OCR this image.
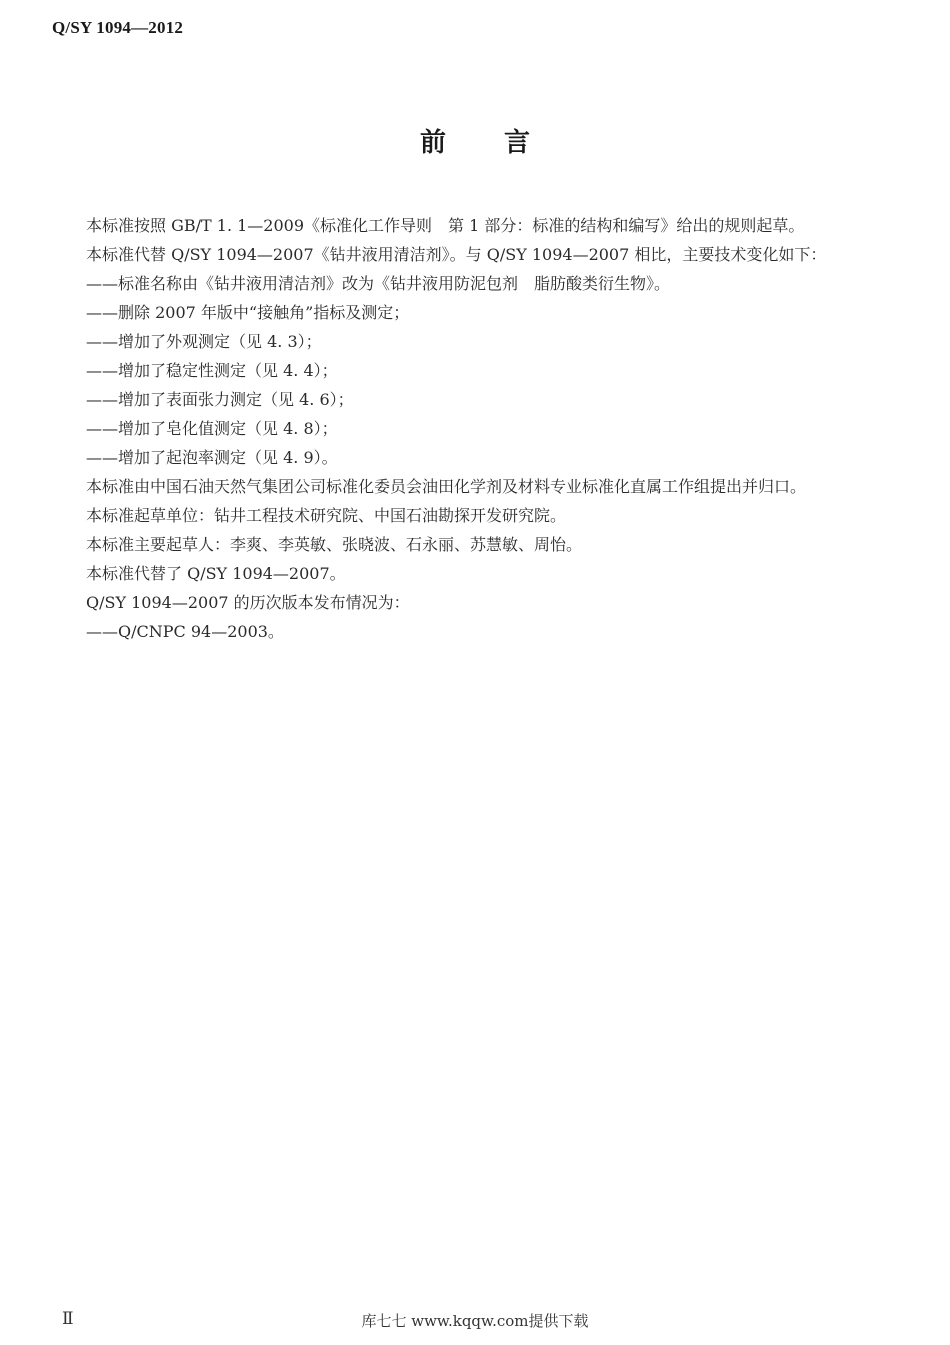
Q/SY 1094—2012
前言

本标准按照 GB/T 1. 1—2009《标准化工作导则　第 1 部分：标准的结构和编写》给出的规则起草。

本标准代替 Q/SY 1094—2007《钻井液用清洁剂》。与 Q/SY 1094—2007 相比，主要技术变化如下：

——标准名称由《钻井液用清洁剂》改为《钻井液用防泥包剂　脂肪酸类衍生物》。

——删除 2007 年版中“接触角”指标及测定；

——增加了外观测定（见 4. 3）；

——增加了稳定性测定（见 4. 4）；

——增加了表面张力测定（见 4. 6）；

——增加了皂化值测定（见 4. 8）；

——增加了起泡率测定（见 4. 9）。

本标准由中国石油天然气集团公司标准化委员会油田化学剂及材料专业标准化直属工作组提出并归口。

本标准起草单位：钻井工程技术研究院、中国石油勘探开发研究院。

本标准主要起草人：李爽、李英敏、张晓波、石永丽、苏慧敏、周怡。

本标准代替了 Q/SY 1094—2007。

Q/SY 1094—2007 的历次版本发布情况为：

——Q/CNPC 94—2003。

Ⅱ	库七七 www.kqqw.com提供下载
